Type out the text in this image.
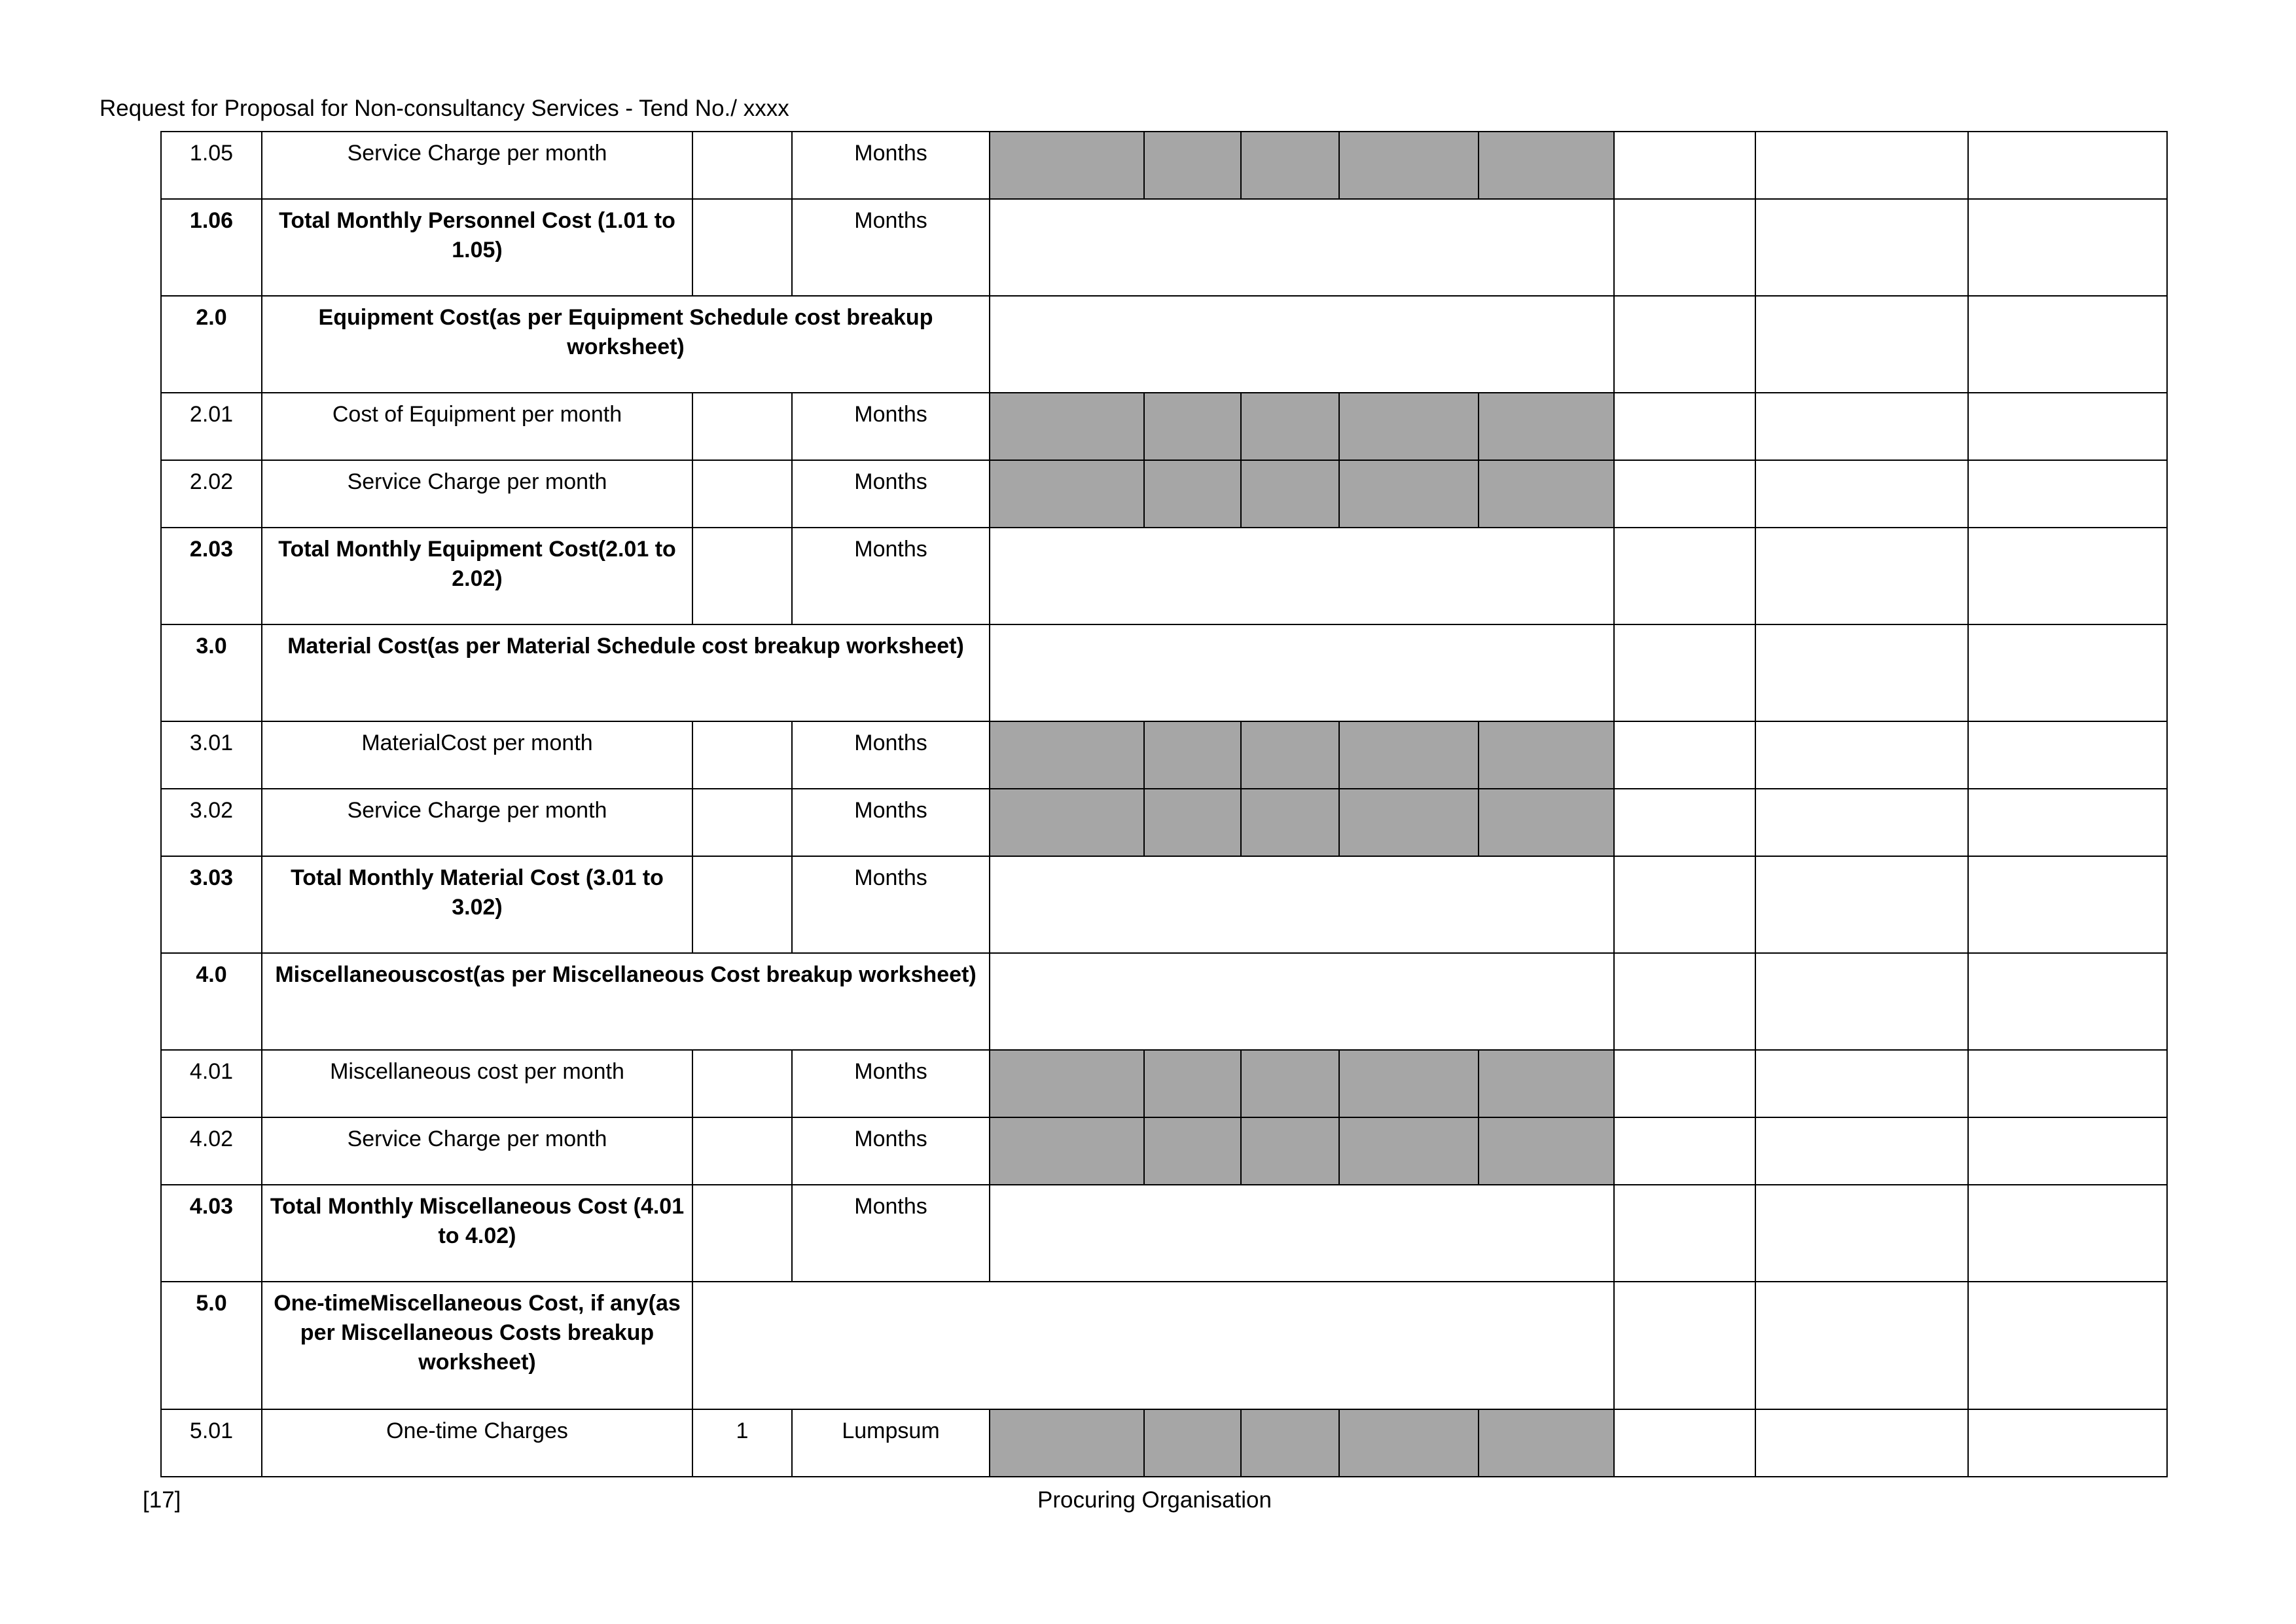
Request for Proposal for Non-consultancy Services - Tend No./ xxxx
1.05	Service Charge per month		Months								
1.06	Total Monthly Personnel Cost (1.01 to 1.05)		Months								
2.0	Equipment Cost(as per Equipment Schedule cost breakup worksheet)										
2.01	Cost of Equipment per month		Months								
2.02	Service Charge per month		Months								
2.03	Total Monthly Equipment Cost(2.01 to 2.02)		Months								
3.0	Material Cost(as per Material Schedule cost breakup worksheet)										
3.01	MaterialCost per month		Months								
3.02	Service Charge per month		Months								
3.03	Total Monthly Material Cost (3.01 to 3.02)		Months								
4.0	Miscellaneouscost(as per Miscellaneous Cost breakup worksheet)										
4.01	Miscellaneous cost per month		Months								
4.02	Service Charge per month		Months								
4.03	Total Monthly Miscellaneous Cost (4.01 to 4.02)		Months								
5.0	One-timeMiscellaneous Cost, if any(as per Miscellaneous Costs breakup worksheet)										
5.01	One-time Charges	1	Lumpsum								
[17]	Procuring Organisation
